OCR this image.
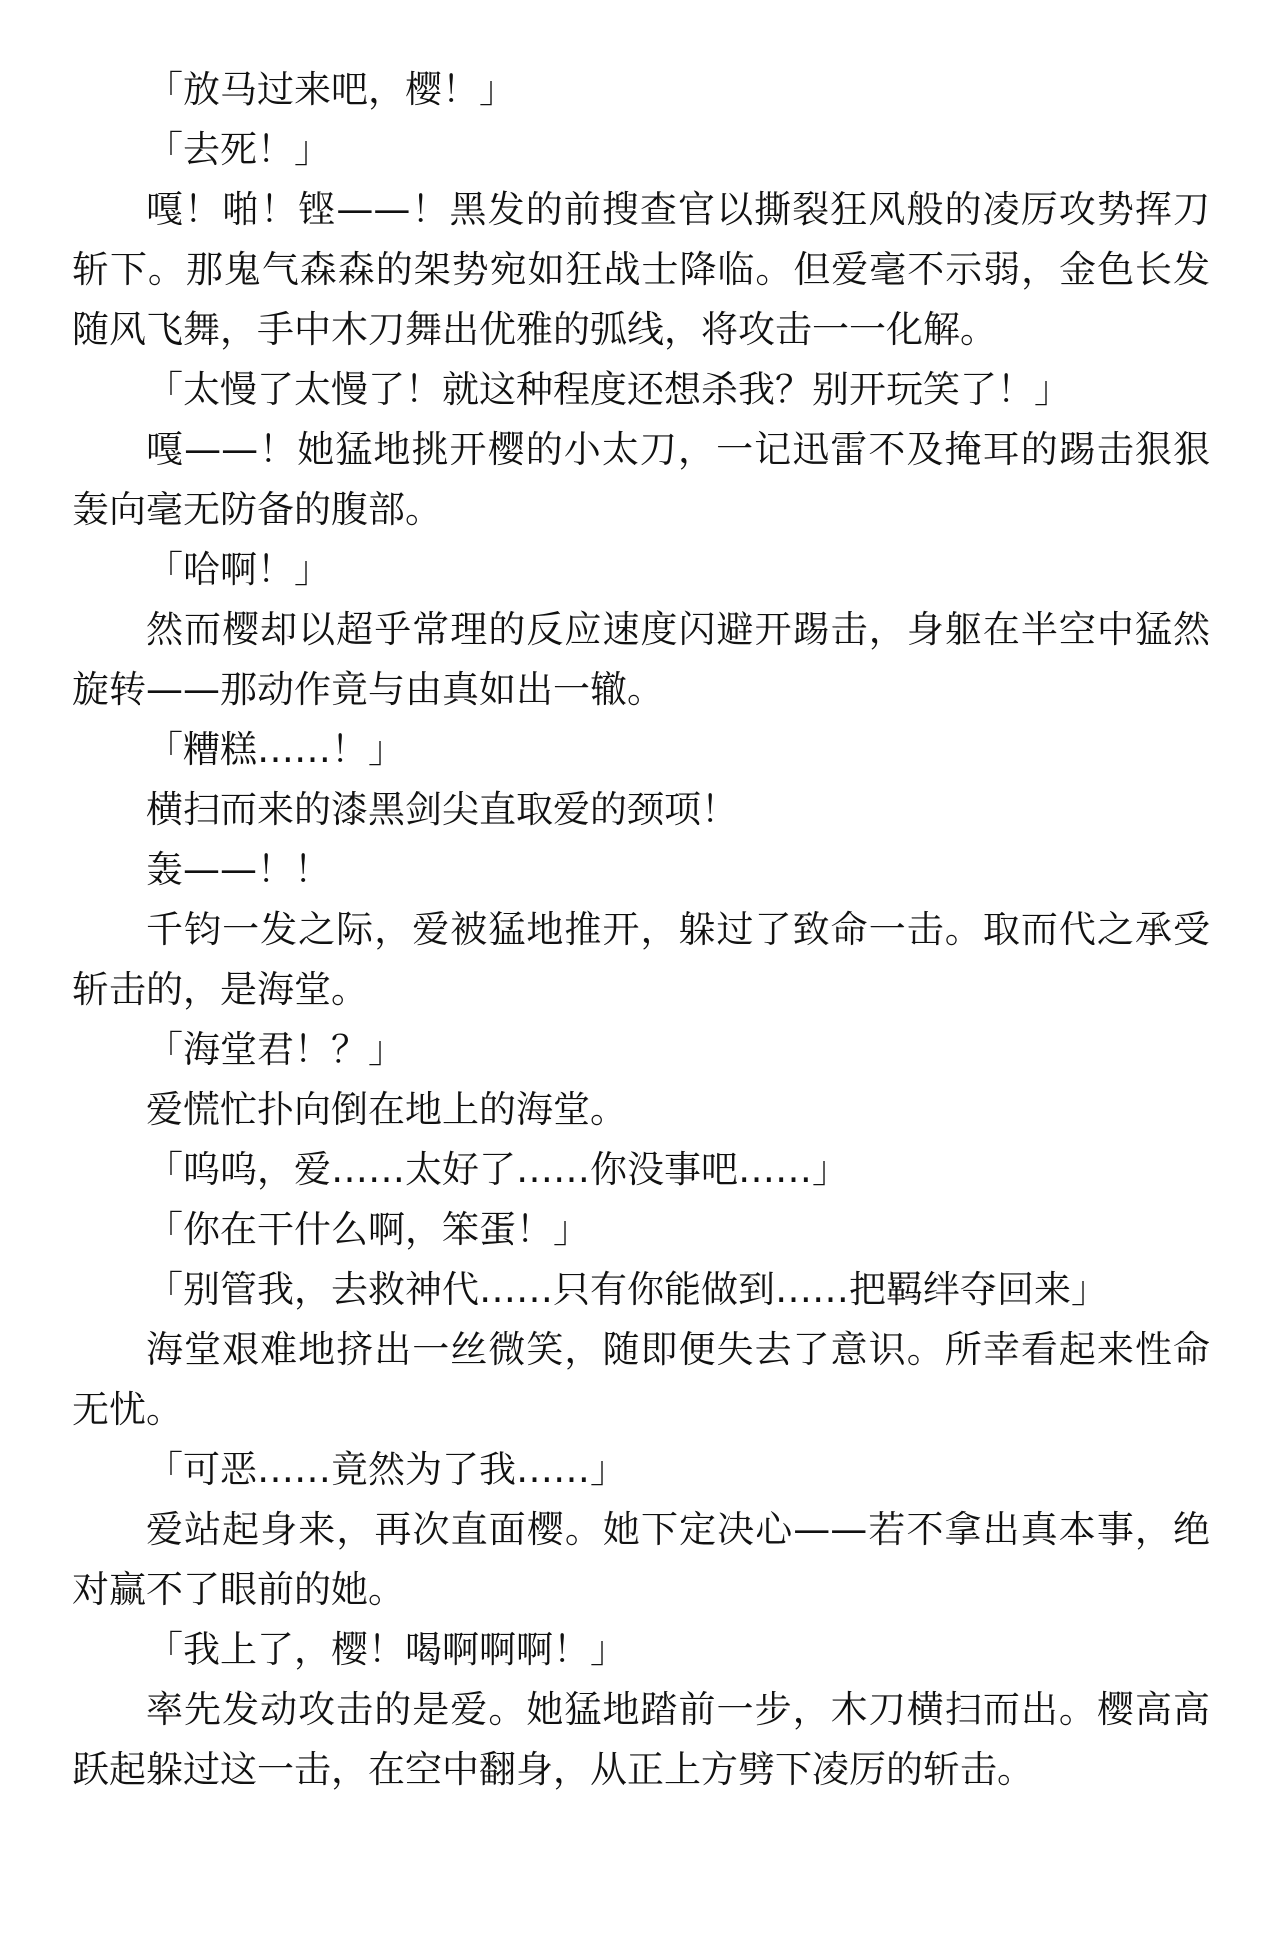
「放马过来吧，樱！」

「去死！」

嘎！啪！铿——！黑发的前搜查官以撕裂狂风般的凌厉攻势挥刀斩下。那鬼气森森的架势宛如狂战士降临。但爱毫不示弱，金色长发随风飞舞，手中木刀舞出优雅的弧线，将攻击一一化解。

「太慢了太慢了！就这种程度还想杀我？别开玩笑了！」

嘎——！她猛地挑开樱的小太刀，一记迅雷不及掩耳的踢击狠狠轰向毫无防备的腹部。

「哈啊！」

然而樱却以超乎常理的反应速度闪避开踢击，身躯在半空中猛然旋转——那动作竟与由真如出一辙。

「糟糕……！」

横扫而来的漆黑剑尖直取爱的颈项！

轰——！！

千钧一发之际，爱被猛地推开，躲过了致命一击。取而代之承受斩击的，是海堂。

「海堂君！？」

爱慌忙扑向倒在地上的海堂。

「呜呜，爱……太好了……你没事吧……」

「你在干什么啊，笨蛋！」

「别管我，去救神代……只有你能做到……把羁绊夺回来」

海堂艰难地挤出一丝微笑，随即便失去了意识。所幸看起来性命无忧。

「可恶……竟然为了我……」

爱站起身来，再次直面樱。她下定决心——若不拿出真本事，绝对赢不了眼前的她。

「我上了，樱！喝啊啊啊！」

率先发动攻击的是爱。她猛地踏前一步，木刀横扫而出。樱高高跃起躲过这一击，在空中翻身，从正上方劈下凌厉的斩击。
